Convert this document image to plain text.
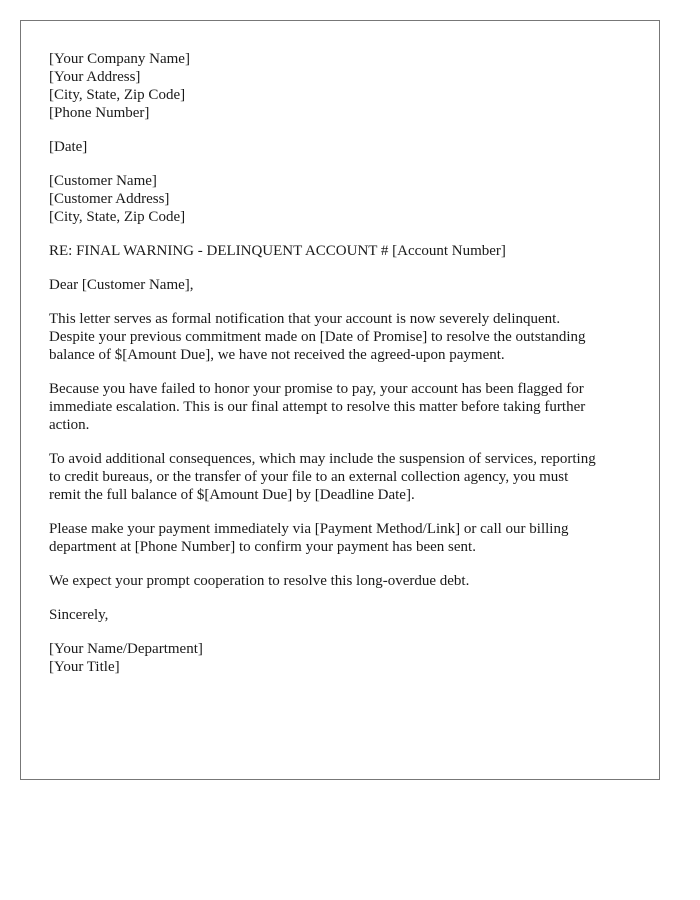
[Your Company Name]
[Your Address]
[City, State, Zip Code]
[Phone Number]
[Date]
[Customer Name]
[Customer Address]
[City, State, Zip Code]
RE: FINAL WARNING - DELINQUENT ACCOUNT # [Account Number]
Dear [Customer Name],

This letter serves as formal notification that your account is now severely delinquent.
Despite your previous commitment made on [Date of Promise] to resolve the outstanding
balance of $[Amount Due], we have not received the agreed-upon payment.

Because you have failed to honor your promise to pay, your account has been flagged for
immediate escalation. This is our final attempt to resolve this matter before taking further
action.

To avoid additional consequences, which may include the suspension of services, reporting
to credit bureaus, or the transfer of your file to an external collection agency, you must
remit the full balance of $[Amount Due] by [Deadline Date].

Please make your payment immediately via [Payment Method/Link] or call our billing
department at [Phone Number] to confirm your payment has been sent.

We expect your prompt cooperation to resolve this long-overdue debt.

Sincerely,
[Your Name/Department]
[Your Title]
